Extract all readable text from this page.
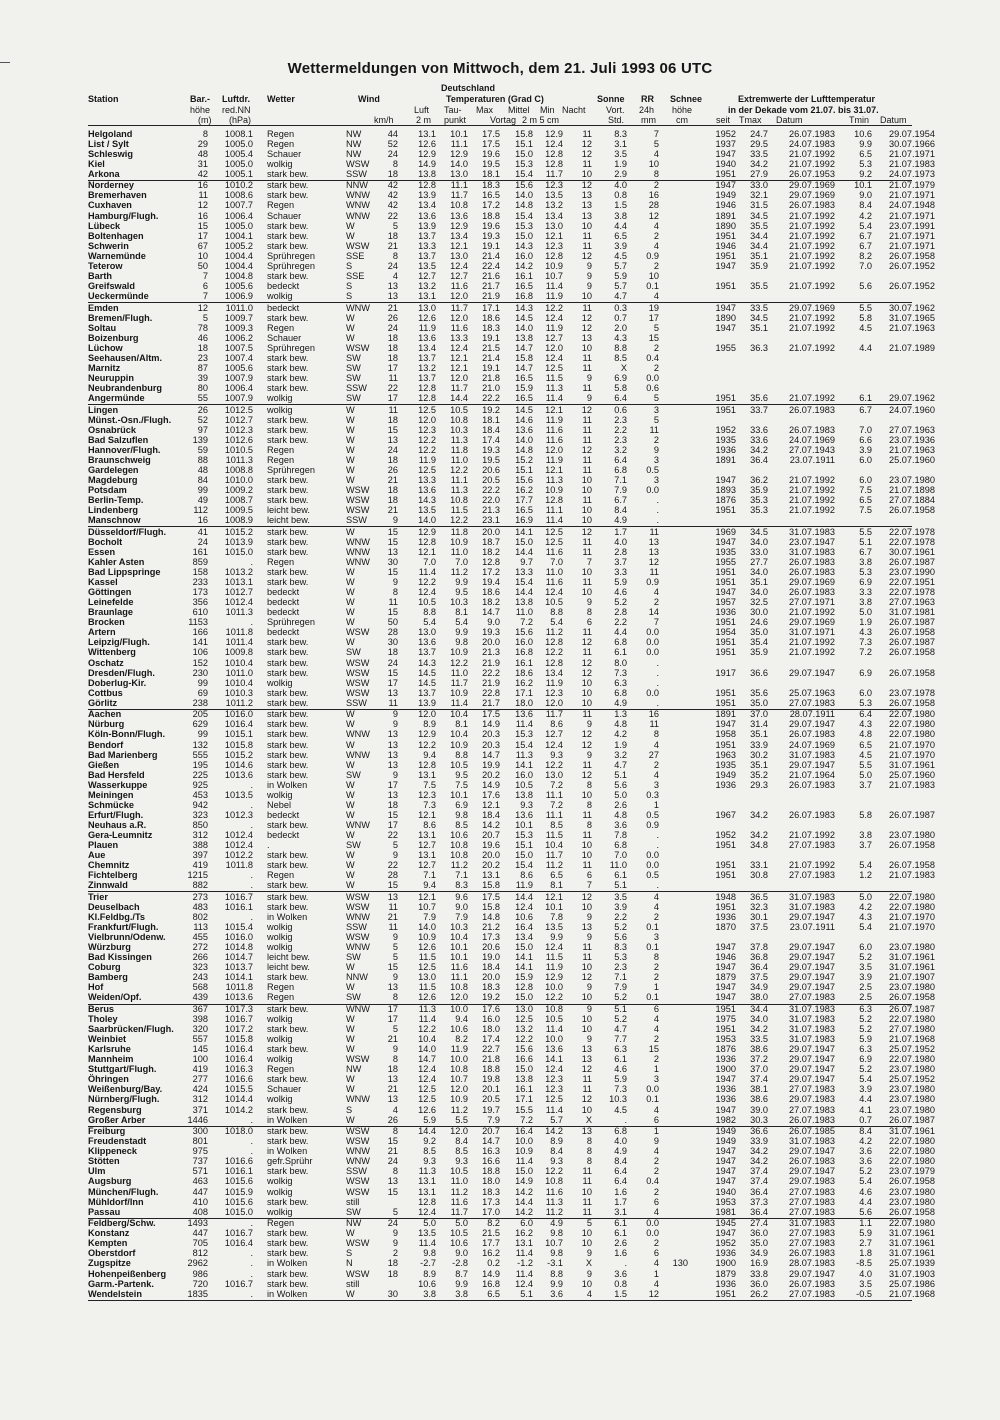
Wettermeldungen von Mittwoch, dem 21. Juli 1993 06 UTC
Deutschland
Station	Bar.- Luftdr. Wetter	Wind	Temperaturen (Grad C)	Sonne RR Schnee	Extremwerte der Lufttemperatur
höhe red.NN	Luft Tau- Max Mittel Min Nacht Vort. 24h höhe	in der Dekade vom 21.07. bis 31.07.
(m) (hPa)	km/h 2 m punkt	Vortag 2 m 5 cm	Std. mm cm	seit Tmax Datum	Tmin Datum
Helgoland	8	1008.1 Regen	NW	44	13.1	10.1	17.5	15.8	12.9	11	8.3	7	1952	24.7	26.07.1983	10.6	29.07.1954
List / Sylt	29	1005.0 Regen	NW	52	12.6	11.1	17.5	15.1	12.4	12	3.1	5	1937	29.5	24.07.1983	9.9	30.07.1966
Schleswig	48	1005.4 Schauer	NW	24	12.9	12.9	19.6	15.0	12.8	12	3.5	4	1947	33.5	21.07.1992	6.5	21.07.1971
Kiel	31	1005.0 wolkig	WSW	8	14.9	14.0	19.5	15.3	12.8	11	1.9	10	1940	34.2	21.07.1992	5.3	21.07.1983
Arkona	42	1005.1 stark bew.	SSW	18	13.8	13.0	18.1	15.4	11.7	10	2.9	8	1951	27.9	26.07.1953	9.2	24.07.1973
Norderney	16	1010.2 stark bew.	NNW	42	12.8	11.1	18.3	15.6	12.3	12	4.0	2	1947	33.0	29.07.1969	10.1	21.07.1979
Bremerhaven	11	1008.6 stark bew.	WNW	42	13.9	11.7	16.5	14.0	13.5	13	0.8	16	1949	32.1	29.07.1969	9.0	21.07.1971
Cuxhaven	12	1007.7 Regen	WNW	42	13.4	10.8	17.2	14.8	13.2	13	1.5	28	1946	31.5	26.07.1983	8.4	24.07.1948
Hamburg/Flugh.	16	1006.4 Schauer	WNW	22	13.6	13.6	18.8	15.4	13.4	13	3.8	12	1891	34.5	21.07.1992	4.2	21.07.1971
Lübeck	15	1005.0 stark bew.	W	5	13.9	12.9	19.6	15.3	13.0	10	4.4	4	1890	35.5	21.07.1992	5.4	23.07.1991
Boltenhagen	17	1004.1 stark bew.	W	18	13.7	13.4	19.3	15.0	12.1	11	6.5	2	1951	34.4	21.07.1992	6.7	21.07.1971
Schwerin	67	1005.2 stark bew.	WSW	21	13.3	12.1	19.1	14.3	12.3	11	3.9	4	1946	34.4	21.07.1992	6.7	21.07.1971
Warnemünde	10	1004.4 Sprühregen	SSE	8	13.7	13.0	21.4	16.0	12.8	12	4.5	0.9	1951	35.1	21.07.1992	8.2	26.07.1958
Teterow	50	1004.4 Sprühregen	S	24	13.5	12.4	22.4	14.2	10.9	9	5.7	2	1947	35.9	21.07.1992	7.0	26.07.1952
Barth	7	1004.8 stark bew.	SSE	4	12.7	12.7	21.6	16.1	10.7	9	5.9	10
Greifswald	6	1005.6 bedeckt	S	13	13.2	11.6	21.7	16.5	11.4	9	5.7	0.1	1951	35.5	21.07.1992	5.6	26.07.1952
Ueckermünde	7	1006.9 wolkig	S	13	13.1	12.0	21.9	16.8	11.9	10	4.7	4
Emden	12	1011.0 bedeckt	WNW	21	13.0	11.7	17.1	14.3	12.2	11	0.3	19	1947	33.5	29.07.1969	5.5	30.07.1962
Bremen/Flugh.	5	1009.7 stark bew.	W	26	12.6	12.0	18.6	14.5	12.4	12	0.7	17	1890	34.5	21.07.1992	5.8	31.07.1965
Soltau	78	1009.3 Regen	W	24	11.9	11.6	18.3	14.0	11.9	12	2.0	5	1947	35.1	21.07.1992	4.5	21.07.1963
Boizenburg	46	1006.2 Schauer	W	18	13.6	13.3	19.1	13.8	12.7	13	4.3	15
Lüchow	18	1007.5 Sprühregen	WSW	18	13.4	12.4	21.5	14.7	12.0	10	8.8	2	1955	36.3	21.07.1992	4.4	21.07.1989
Seehausen/Altm.	23	1007.4 stark bew.	SW	18	13.7	12.1	21.4	15.8	12.4	11	8.5	0.4
Marnitz	87	1005.6 stark bew.	SW	17	13.2	12.1	19.1	14.7	12.5	11	X	2
Neuruppin	39	1007.9 stark bew.	SW	11	13.7	12.0	21.8	16.5	11.5	9	6.9	0.0
Neubrandenburg	80	1006.4 stark bew.	SSW	22	12.8	11.7	21.0	15.9	11.3	11	5.8	0.6
Angermünde	55	1007.9 wolkig	SW	17	12.8	14.4	22.2	16.5	11.4	9	6.4	5	1951	35.6	21.07.1992	6.1	29.07.1962
Lingen	26	1012.5 wolkig	W	11	12.5	10.5	19.2	14.5	12.1	12	0.6	3	1951	33.7	26.07.1983	6.7	24.07.1960
Münst.-Osn./Flugh.	52	1012.7 stark bew.	W	18	12.0	10.8	18.1	14.6	11.9	11	2.3	5
Osnabrück	97	1012.3 stark bew.	W	15	12.3	10.3	18.4	13.6	11.6	11	2.2	11	1952	33.6	26.07.1983	7.0	27.07.1963
Bad Salzuflen	139	1012.6 stark bew.	W	13	12.2	11.3	17.4	14.0	11.6	11	2.3	2	1935	33.6	24.07.1969	6.6	23.07.1936
Hannover/Flugh.	59	1010.5 Regen	W	24	12.2	11.8	19.3	14.8	12.0	12	3.2	9	1936	34.2	27.07.1943	3.9	21.07.1963
Braunschweig	88	1011.3 Regen	W	18	11.9	11.0	19.5	15.2	11.9	11	6.4	3	1891	36.4	23.07.1911	6.0	25.07.1960
Gardelegen	48	1008.8 Sprühregen	W	26	12.5	12.2	20.6	15.1	12.1	11	6.8	0.5
Magdeburg	84	1010.0 stark bew.	W	21	13.3	11.1	20.5	15.6	11.3	10	7.1	3	1947	36.2	21.07.1992	6.0	23.07.1980
Potsdam	99	1009.2 stark bew.	WSW	18	13.6	11.3	22.2	16.2	10.9	10	7.9	0.0	1893	35.9	21.07.1992	7.5	21.07.1898
Berlin-Temp.	49	1008.7 stark bew.	WSW	18	14.3	10.8	22.0	17.7	12.8	11	6.7	.	1876	35.3	21.07.1992	6.5	27.07.1884
Lindenberg	112	1009.5 leicht bew.	WSW	21	13.5	11.5	21.3	16.5	11.1	10	8.4	.	1951	35.3	21.07.1992	7.5	26.07.1958
Manschnow	16	1008.9 leicht bew.	SSW	9	14.0	12.2	23.1	16.9	11.4	10	4.9	.
Düsseldorf/Flugh.	41	1015.2 stark bew.	W	15	12.9	11.8	20.0	14.1	12.5	12	1.7	11	1969	34.5	31.07.1983	5.5	22.07.1978
Bocholt	24	1013.9 stark bew.	WNW	15	12.8	10.9	18.7	15.0	12.5	11	4.0	13	1947	34.0	23.07.1947	5.1	22.07.1978
Essen	161	1015.0 stark bew.	WNW	13	12.1	11.0	18.2	14.4	11.6	11	2.8	13	1935	33.0	31.07.1983	6.7	30.07.1961
Kahler Asten	859	. Regen	WNW	30	7.0	7.0	12.8	9.7	7.0	7	3.7	12	1955	27.7	26.07.1983	3.8	26.07.1987
Bad Lippspringe	158	1013.2 stark bew.	W	15	11.4	11.2	17.2	13.3	11.0	10	3.3	11	1951	34.0	26.07.1983	5.3	23.07.1990
Kassel	233	1013.1 stark bew.	W	9	12.2	9.9	19.4	15.4	11.6	11	5.9	0.9	1951	35.1	29.07.1969	6.9	22.07.1951
Göttingen	173	1012.7 bedeckt	W	8	12.4	9.5	18.6	14.4	12.4	10	4.6	4	1947	34.0	26.07.1983	3.3	22.07.1978
Leinefelde	356	1012.4 bedeckt	W	11	10.5	10.3	18.2	13.8	10.5	9	5.2	2	1957	32.5	27.07.1971	3.8	27.07.1963
Braunlage	610	1011.3 bedeckt	W	15	8.8	8.1	14.7	11.0	8.8	8	2.8	14	1936	30.0	21.07.1992	5.0	31.07.1981
Brocken	1153	. Sprühregen	W	50	5.4	5.4	9.0	7.2	5.4	6	2.2	7	1951	24.6	29.07.1969	1.9	26.07.1987
Artern	166	1011.8 bedeckt	WSW	28	13.0	9.9	19.3	15.6	11.2	11	4.4	0.0	1954	35.0	31.07.1971	4.3	26.07.1958
Leipzig/Flugh.	141	1011.4 stark bew.	W	30	13.6	9.8	20.0	16.0	12.8	12	6.8	0.0	1951	35.4	21.07.1992	7.3	26.07.1987
Wittenberg	106	1009.8 stark bew.	SW	18	13.7	10.9	21.3	16.8	12.2	11	6.1	0.0	1951	35.9	21.07.1992	7.2	26.07.1958
Oschatz	152	1010.4 stark bew.	WSW	24	14.3	12.2	21.9	16.1	12.8	12	8.0	.
Dresden/Flugh.	230	1011.0 stark bew.	WSW	15	14.5	11.0	22.2	18.6	13.4	12	7.3	.	1917	36.6	29.07.1947	6.9	26.07.1958
Doberlug-Kir.	99	1010.4 wolkig	WSW	17	14.5	11.7	21.9	16.2	11.9	10	6.3	.
Cottbus	69	1010.3 stark bew.	WSW	13	13.7	10.9	22.8	17.1	12.3	10	6.8	0.0	1951	35.6	25.07.1963	6.0	23.07.1978
Görlitz	238	1011.2 stark bew.	SSW	11	13.9	11.4	21.7	18.0	12.0	10	4.9	.	1951	35.0	27.07.1983	5.3	26.07.1958
Aachen	205	1016.0 stark bew.	W	9	12.0	10.4	17.5	13.6	11.7	11	1.3	16	1891	37.0	28.07.1911	6.4	22.07.1980
Nürburg	629	1016.4 stark bew.	W	9	8.9	8.1	14.9	11.4	8.6	9	4.8	11	1947	31.4	29.07.1947	4.3	22.07.1980
Köln-Bonn/Flugh.	99	1015.1 stark bew.	WNW	13	12.9	10.4	20.3	15.3	12.7	12	4.2	8	1958	35.1	26.07.1983	4.8	22.07.1980
Bendorf	132	1015.8 stark bew.	W	13	12.2	10.9	20.3	15.4	12.4	12	1.9	4	1951	33.9	24.07.1969	6.5	21.07.1970
Bad Marienberg	555	1015.2 stark bew.	WNW	13	9.4	8.8	14.7	11.3	9.3	9	3.2	27	1963	30.2	31.07.1983	4.5	21.07.1970
Gießen	195	1014.6 stark bew.	W	13	12.8	10.5	19.9	14.1	12.2	11	4.7	2	1935	35.1	29.07.1947	5.5	31.07.1961
Bad Hersfeld	225	1013.6 stark bew.	SW	9	13.1	9.5	20.2	16.0	13.0	12	5.1	4	1949	35.2	21.07.1964	5.0	25.07.1960
Wasserkuppe	925	. in Wolken	W	17	7.5	7.5	14.9	10.5	7.2	8	5.6	3	1936	29.3	26.07.1983	3.7	21.07.1983
Meiningen	453	1013.5 wolkig	W	13	12.3	10.1	17.6	13.8	11.1	10	5.0	0.3
Schmücke	942	. Nebel	W	18	7.3	6.9	12.1	9.3	7.2	8	2.6	1
Erfurt/Flugh.	323	1012.3 bedeckt	W	15	12.1	9.8	18.4	13.6	11.1	11	4.8	0.5	1967	34.2	26.07.1983	5.8	26.07.1987
Neuhaus a.R.	850	. stark bew.	WNW	17	8.6	8.5	14.2	10.1	8.5	8	3.6	0.9
Gera-Leumnitz	312	1012.4 bedeckt	W	22	13.1	10.6	20.7	15.3	11.5	11	7.8	.	1952	34.2	21.07.1992	3.8	23.07.1980
Plauen	388	1012.4 .	SW	5	12.7	10.8	19.6	15.1	10.4	10	6.8	.	1951	34.8	27.07.1983	3.7	26.07.1958
Aue	397	1012.2 stark bew.	W	9	13.1	10.8	20.0	15.0	11.7	10	7.0	0.0
Chemnitz	419	1011.8 stark bew.	W	22	12.7	11.2	20.2	15.4	11.2	11	11.0	0.0	1951	33.1	21.07.1992	5.4	26.07.1958
Fichtelberg	1215	. Regen	W	28	7.1	7.1	13.1	8.6	6.5	6	6.1	0.5	1951	30.8	27.07.1983	1.2	21.07.1983
Zinnwald	882	. stark bew.	W	15	9.4	8.3	15.8	11.9	8.1	7	5.1	.
Trier	273	1016.7 stark bew.	WSW	13	12.1	9.6	17.5	14.4	12.1	12	3.5	4	1948	36.5	31.07.1983	5.0	22.07.1980
Deuselbach	483	1016.1 stark bew.	WSW	11	10.7	9.0	15.8	12.4	10.1	10	3.9	4	1951	32.3	31.07.1983	4.2	22.07.1980
Kl.Feldbg./Ts	802	. in Wolken	WNW	21	7.9	7.9	14.8	10.6	7.8	9	2.2	2	1936	30.1	29.07.1947	4.3	21.07.1970
Frankfurt/Flugh.	113	1015.4 wolkig	SSW	11	14.0	10.3	21.2	16.4	13.5	13	5.2	0.1	1870	37.5	23.07.1911	5.4	21.07.1970
Vielbrunn/Odenw.	455	1016.0 wolkig	WSW	9	10.9	10.4	17.3	13.4	9.9	9	5.6	3
Würzburg	272	1014.8 wolkig	WNW	5	12.6	10.1	20.6	15.0	12.4	11	8.3	0.1	1947	37.8	29.07.1947	6.0	23.07.1980
Bad Kissingen	266	1014.7 leicht bew.	SW	5	11.5	10.1	19.0	14.1	11.5	11	5.3	8	1946	36.8	29.07.1947	5.2	31.07.1961
Coburg	323	1013.7 leicht bew.	W	15	12.5	11.6	18.4	14.1	11.9	10	2.3	2	1947	36.4	29.07.1947	3.5	31.07.1961
Bamberg	243	1014.1 stark bew.	NNW	9	13.0	11.1	20.0	15.9	12.9	12	7.1	2	1879	37.5	29.07.1947	3.9	21.07.1907
Hof	568	1011.8 Regen	W	13	11.5	10.8	18.3	12.8	10.0	9	7.9	1	1947	34.9	29.07.1947	2.5	23.07.1980
Weiden/Opf.	439	1013.6 Regen	SW	8	12.6	12.0	19.2	15.0	12.2	10	5.2	0.1	1947	38.0	27.07.1983	2.5	26.07.1958
Berus	367	1017.3 stark bew.	WNW	17	11.3	10.0	17.6	13.0	10.8	9	5.1	6	1951	34.4	31.07.1983	6.3	26.07.1987
Tholey	398	1016.7 wolkig	W	17	11.4	9.4	16.0	12.5	10.5	10	5.2	4	1975	34.0	31.07.1983	5.2	22.07.1980
Saarbrücken/Flugh.	320	1017.2 stark bew.	W	5	12.2	10.6	18.0	13.2	11.4	10	4.7	4	1951	34.2	31.07.1983	5.2	27.07.1980
Weinbiet	557	1015.8 wolkig	W	21	10.4	8.2	17.4	12.2	10.0	9	7.7	2	1953	33.5	31.07.1983	5.9	21.07.1968
Karlsruhe	145	1016.4 stark bew.	W	9	14.0	11.9	22.7	15.6	13.6	13	6.3	15	1876	38.6	29.07.1947	6.3	25.07.1952
Mannheim	100	1016.4 wolkig	WSW	8	14.7	10.0	21.8	16.6	14.1	13	6.1	2	1936	37.2	29.07.1947	6.9	22.07.1980
Stuttgart/Flugh.	419	1016.3 Regen	NW	18	12.4	10.8	18.8	15.0	12.4	12	4.6	1	1900	37.0	29.07.1947	5.2	23.07.1980
Öhringen	277	1016.6 stark bew.	W	13	12.4	10.7	19.8	13.8	12.3	11	5.9	3	1947	37.4	29.07.1947	5.4	25.07.1952
Weißenburg/Bay.	424	1015.5 Schauer	W	21	12.5	12.0	20.1	16.1	12.3	11	7.3	0.0	1936	38.1	27.07.1983	3.9	23.07.1980
Nürnberg/Flugh.	312	1014.4 wolkig	WNW	13	12.5	10.9	20.5	17.1	12.5	12	10.3	0.1	1936	38.6	29.07.1983	4.4	23.07.1980
Regensburg	371	1014.2 stark bew.	S	4	12.6	11.2	19.7	15.5	11.4	10	4.5	4	1947	39.0	27.07.1983	4.1	23.07.1980
Großer Arber	1446	. in Wolken	W	26	5.9	5.5	7.9	7.2	5.7	X	.	6	1982	30.3	26.07.1983	0.7	26.07.1987
Freiburg	300	1018.0 stark bew.	WSW	8	14.4	12.0	20.7	16.4	14.2	13	6.8	1	1949	36.6	26.07.1985	8.4	31.07.1961
Freudenstadt	801	. stark bew.	WSW	15	9.2	8.4	14.7	10.0	8.9	8	4.0	9	1949	33.9	31.07.1983	4.2	22.07.1980
Klippeneck	975	. in Wolken	WNW	21	8.5	8.5	16.3	10.9	8.4	8	4.9	4	1947	34.2	29.07.1947	3.6	22.07.1980
Stötten	737	1016.6 gefr.Sprühr	WNW	24	9.3	9.3	16.6	11.4	9.3	8	8.4	2	1947	34.2	26.07.1983	3.6	22.07.1980
Ulm	571	1016.1 stark bew.	SSW	8	11.3	10.5	18.8	15.0	12.2	11	6.4	2	1947	37.4	29.07.1947	5.2	23.07.1979
Augsburg	463	1015.6 wolkig	WSW	13	13.1	11.0	18.0	14.9	10.8	11	6.4	0.4	1947	37.4	29.07.1983	5.4	26.07.1958
München/Flugh.	447	1015.9 wolkig	WSW	15	13.1	11.2	18.3	14.2	11.6	10	1.6	2	1940	36.4	27.07.1983	4.6	23.07.1980
Mühldorf/Inn	410	1015.6 stark bew.	still	12.8	11.6	17.3	14.4	11.3	11	1.7	6	1953	37.3	27.07.1983	4.4	23.07.1980
Passau	408	1015.0 wolkig	SW	5	12.4	11.7	17.0	14.2	11.2	11	3.1	4	1981	36.4	27.07.1983	5.6	26.07.1958
Feldberg/Schw.	1493	. Regen	NW	24	5.0	5.0	8.2	6.0	4.9	5	6.1	0.0	1945	27.4	31.07.1983	1.1	22.07.1980
Konstanz	447	1016.7 stark bew.	W	9	13.5	10.5	21.5	16.2	9.8	10	6.1	0.0	1947	36.0	27.07.1983	5.9	31.07.1961
Kempten	705	1016.4 stark bew.	WSW	9	11.4	10.6	17.7	13.1	10.7	10	2.6	2	1952	35.0	27.07.1983	2.7	31.07.1961
Oberstdorf	812	. stark bew.	S	2	9.8	9.0	16.2	11.4	9.8	9	1.6	6	1936	34.9	26.07.1983	1.8	31.07.1961
Zugspitze	2962	. in Wolken	N	18	-2.7	-2.8	0.2	-1.2	-3.1	X	.	4	130	1900	16.9	28.07.1983	-8.5	25.07.1939
Hohenpeißenberg	986	. stark bew.	WSW	18	8.9	8.7	14.9	11.4	8.8	9	3.6	1	1879	33.8	29.07.1947	4.0	31.07.1903
Garm.-Partenk.	720	1016.7 stark bew.	still	10.6	9.9	16.8	12.4	9.9	10	0.8	4	1936	36.0	26.07.1983	3.5	25.07.1986
Wendelstein	1835	. in Wolken	W	30	3.8	3.8	6.5	5.1	3.6	4	1.5	12	1951	26.2	27.07.1983	-0.5	21.07.1968
